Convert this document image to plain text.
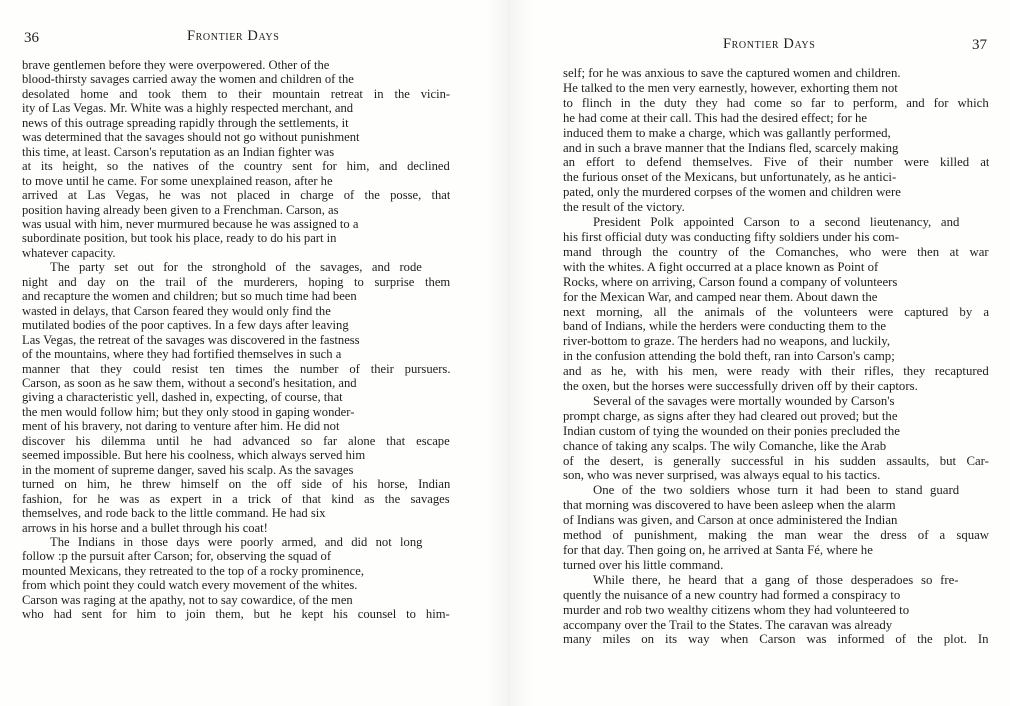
36	Frontier Days	Frontier Days	37
brave gentlemen before they were overpowered. Other of the
blood-thirsty savages carried away the women and children of the
desolated home and took them to their mountain retreat in the vicin-
ity of Las Vegas. Mr. White was a highly respected merchant, and
news of this outrage spreading rapidly through the settlements, it
was determined that the savages should not go without punishment
this time, at least. Carson's reputation as an Indian fighter was
at its height, so the natives of the country sent for him, and declined
to move until he came. For some unexplained reason, after he
arrived at Las Vegas, he was not placed in charge of the posse, that
position having already been given to a Frenchman. Carson, as
was usual with him, never murmured because he was assigned to a
subordinate position, but took his place, ready to do his part in
whatever capacity.
The party set out for the stronghold of the savages, and rode
night and day on the trail of the murderers, hoping to surprise them
and recapture the women and children; but so much time had been
wasted in delays, that Carson feared they would only find the
mutilated bodies of the poor captives. In a few days after leaving
Las Vegas, the retreat of the savages was discovered in the fastness
of the mountains, where they had fortified themselves in such a
manner that they could resist ten times the number of their pursuers.
Carson, as soon as he saw them, without a second's hesitation, and
giving a characteristic yell, dashed in, expecting, of course, that
the men would follow him; but they only stood in gaping wonder-
ment of his bravery, not daring to venture after him. He did not
discover his dilemma until he had advanced so far alone that escape
seemed impossible. But here his coolness, which always served him
in the moment of supreme danger, saved his scalp. As the savages
turned on him, he threw himself on the off side of his horse, Indian
fashion, for he was as expert in a trick of that kind as the savages
themselves, and rode back to the little command. He had six
arrows in his horse and a bullet through his coat!
The Indians in those days were poorly armed, and did not long
follow :p the pursuit after Carson; for, observing the squad of
mounted Mexicans, they retreated to the top of a rocky prominence,
from which point they could watch every movement of the whites.
Carson was raging at the apathy, not to say cowardice, of the men
who had sent for him to join them, but he kept his counsel to him-
self; for he was anxious to save the captured women and children.
He talked to the men very earnestly, however, exhorting them not
to flinch in the duty they had come so far to perform, and for which
he had come at their call. This had the desired effect; for he
induced them to make a charge, which was gallantly performed,
and in such a brave manner that the Indians fled, scarcely making
an effort to defend themselves. Five of their number were killed at
the furious onset of the Mexicans, but unfortunately, as he antici-
pated, only the murdered corpses of the women and children were
the result of the victory.
President Polk appointed Carson to a second lieutenancy, and
his first official duty was conducting fifty soldiers under his com-
mand through the country of the Comanches, who were then at war
with the whites. A fight occurred at a place known as Point of
Rocks, where on arriving, Carson found a company of volunteers
for the Mexican War, and camped near them. About dawn the
next morning, all the animals of the volunteers were captured by a
band of Indians, while the herders were conducting them to the
river-bottom to graze. The herders had no weapons, and luckily,
in the confusion attending the bold theft, ran into Carson's camp;
and as he, with his men, were ready with their rifles, they recaptured
the oxen, but the horses were successfully driven off by their captors.
Several of the savages were mortally wounded by Carson's
prompt charge, as signs after they had cleared out proved; but the
Indian custom of tying the wounded on their ponies precluded the
chance of taking any scalps. The wily Comanche, like the Arab
of the desert, is generally successful in his sudden assaults, but Car-
son, who was never surprised, was always equal to his tactics.
One of the two soldiers whose turn it had been to stand guard
that morning was discovered to have been asleep when the alarm
of Indians was given, and Carson at once administered the Indian
method of punishment, making the man wear the dress of a squaw
for that day. Then going on, he arrived at Santa Fé, where he
turned over his little command.
While there, he heard that a gang of those desperadoes so fre-
quently the nuisance of a new country had formed a conspiracy to
murder and rob two wealthy citizens whom they had volunteered to
accompany over the Trail to the States. The caravan was already
many miles on its way when Carson was informed of the plot. In
